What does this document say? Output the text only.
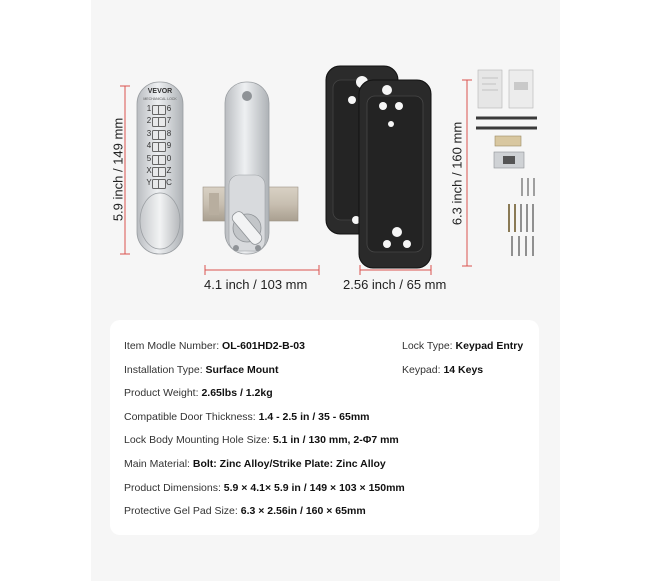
VEVOR
MECHANICAL LOCK
1	6
2	7
3	8
4	9
5	0
X	Z
Y	C
5.9 inch / 149 mm
4.1 inch / 103 mm	2.56 inch / 65 mm
6.3 inch / 160 mm
Item Modle Number: OL-601HD2-B-03
Installation Type: Surface Mount
Product Weight: 2.65lbs / 1.2kg
Compatible Door Thickness: 1.4 - 2.5 in / 35 - 65mm
Lock Body Mounting Hole Size: 5.1 in / 130 mm, 2-Φ7 mm
Main Material: Bolt: Zinc Alloy/Strike Plate: Zinc Alloy
Product Dimensions: 5.9 × 4.1× 5.9 in / 149 × 103 × 150mm
Protective Gel Pad Size: 6.3 × 2.56in / 160 × 65mm
Lock Type: Keypad Entry
Keypad: 14 Keys
